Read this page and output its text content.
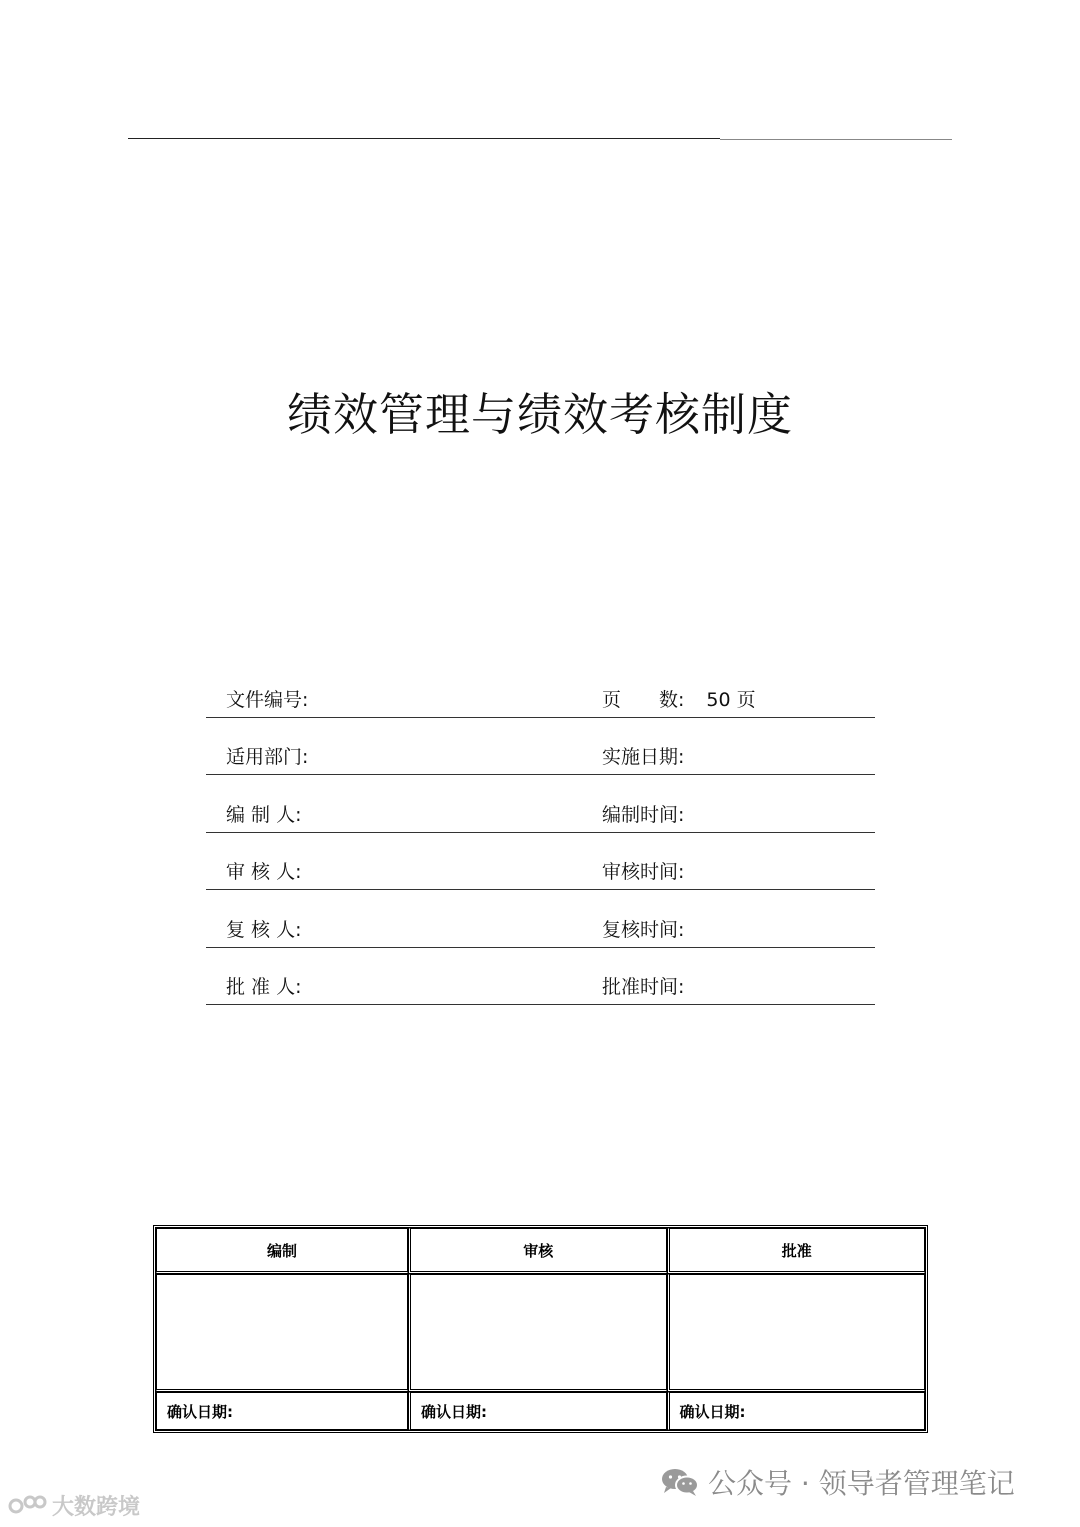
绩效管理与绩效考核制度
文件编号:	页　　数: 50 页
适用部门:	实施日期:
编 制 人:	编制时间:
审 核 人:	审核时间:
复 核 人:	复核时间:
批 准 人:	批准时间:
编制	审核	批准

确认日期:	确认日期:	确认日期:
大数跨境
公众号 · 领导者管理笔记
